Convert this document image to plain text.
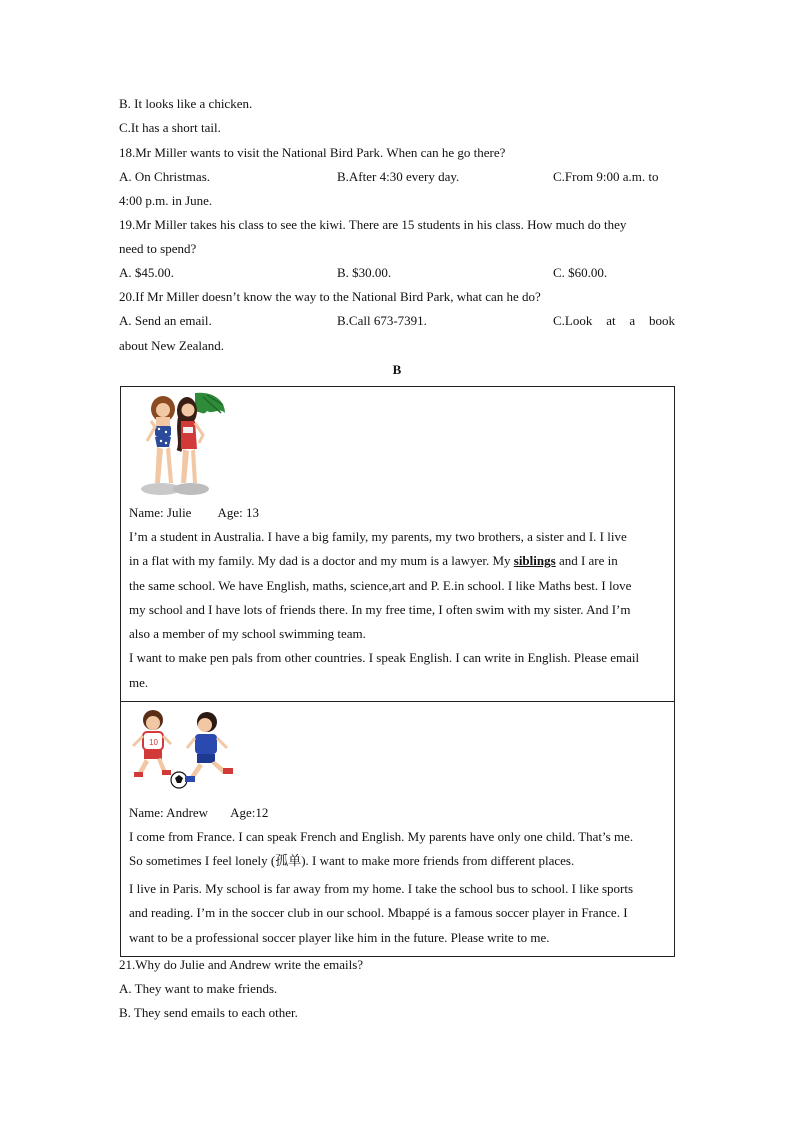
B. It looks like a chicken.
C.It has a short tail.
18.Mr Miller wants to visit the National Bird Park. When can he go there?
A. On Christmas.	B.After 4:30 every day.	C.From 9:00 a.m. to
4:00 p.m. in June.
19.Mr Miller takes his class to see the kiwi. There are 15 students in his class. How much do they
need to spend?
A. $45.00.	B. $30.00.	C. $60.00.
20.If Mr Miller doesn’t know the way to the National Bird Park, what can he do?
A. Send an email.	B.Call 673-7391.	C.Look at a book
about New Zealand.
B
Name: Julie Age: 13
I’m a student in Australia. I have a big family, my parents, my two brothers, a sister and I. I live
in a flat with my family. My dad is a doctor and my mum is a lawyer. My siblings and I are in
the same school. We have English, maths, science,art and P. E.in school. I like Maths best. I love
my school and I have lots of friends there. In my free time, I often swim with my sister. And I’m
also a member of my school swimming team.
I want to make pen pals from other countries. I speak English. I can write in English. Please email
me.
10
Name: Andrew Age:12
I come from France. I can speak French and English. My parents have only one child. That’s me.
So sometimes I feel lonely (孤单). I want to make more friends from different places.
I live in Paris. My school is far away from my home. I take the school bus to school. I like sports
and reading. I’m in the soccer club in our school. Mbappé is a famous soccer player in France. I
want to be a professional soccer player like him in the future. Please write to me.
21.Why do Julie and Andrew write the emails?
A. They want to make friends.
B. They send emails to each other.
